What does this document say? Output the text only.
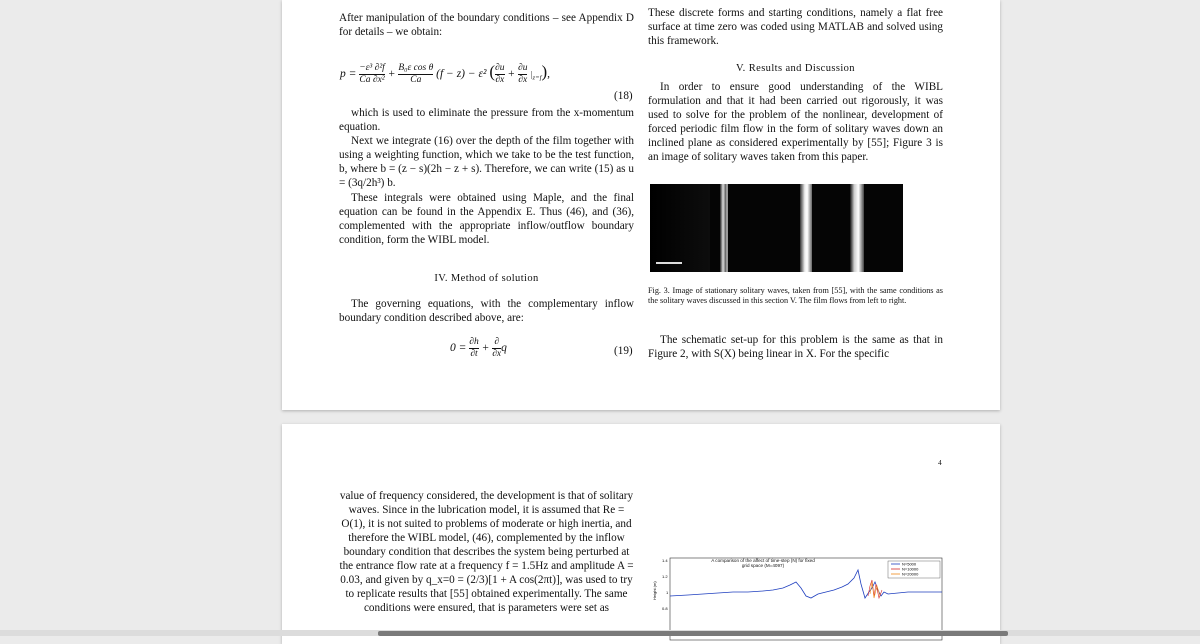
After manipulation of the boundary conditions – see Appendix D for details – we obtain:
$p = \frac{\text{−ε³ ∂²f}}{\text{Ca ∂x²}} + \frac{\text{B₀ε cos θ}}{Ca} (f - z) - \varepsilon^2$ ( $\frac{\partial u}{\partial x} + \frac{\partial u}{\partial x} |_{z=f}$),
(18)
which is used to eliminate the pressure from the x-momentum equation.
Next we integrate (16) over the depth of the film together with using a weighting function, which we take to be the test function, b, where b = (z − s)(2h − z + s). Therefore, we can write (15) as u = (3q/2h³) b.
These integrals were obtained using Maple, and the final equation can be found in the Appendix E. Thus (46), and (36), complemented with the appropriate inflow/outflow boundary condition, form the WIBL model.
IV. Method of solution
The governing equations, with the complementary inflow boundary condition described above, are:
$0 = \frac{\partial h}{\partial t}$ +
∂
∂x q	(19)
These discrete forms and starting conditions, namely a flat free surface at time zero was coded using MATLAB and solved using this framework.
V. Results and Discussion
In order to ensure good understanding of the WIBL formulation and that it had been carried out rigorously, it was used to solve for the problem of the nonlinear, development of forced periodic film flow in the form of solitary waves down an inclined plane as considered experimentally by [55]; Figure 3 is an image of solitary waves taken from this paper.
Fig. 3. Image of stationary solitary waves, taken from [55], with the same conditions as the solitary waves discussed in this section V. The film flows from left to right.
The schematic set-up for this problem is the same as that in Figure 2, with S(X) being linear in X. For the specific
4
value of frequency considered, the development is that of solitary waves. Since in the lubrication model, it is assumed that Re = O(1), it is not suited to problems of moderate or high inertia, and therefore the WIBL model, (46), complemented by the inflow boundary condition that describes the system being perturbed at the entrance flow rate at a frequency f = 1.5Hz and amplitude A = 0.03, and given by q_x=0 = (2/3)[1 + A cos(2πt)], was used to try to replicate results that [55] obtained experimentally. The same conditions were ensured, that is parameters were set as
A comparison of the affect of time-step (N) for fixed grid space (M=4097)
1.4
1.2
1
0.8
Height (m)
N=5000
N=10000
N=20000
